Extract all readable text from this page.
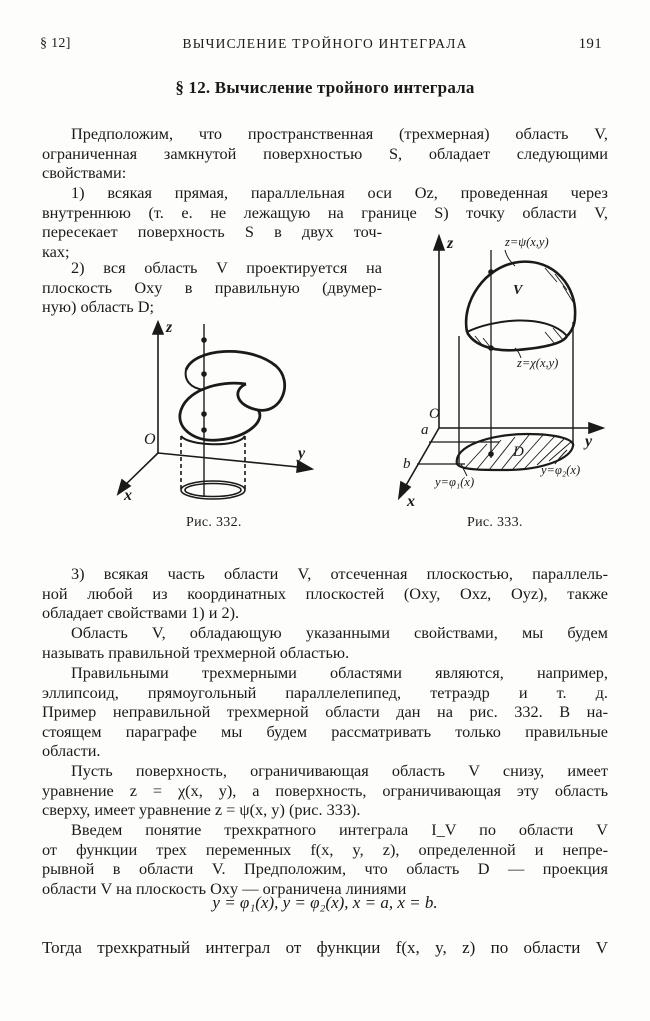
§ 12]	ВЫЧИСЛЕНИЕ ТРОЙНОГО ИНТЕГРАЛА	191
§ 12. Вычисление тройного интеграла
Предположим, что пространственная (трехмерная) область V,
ограниченная замкнутой поверхностью S, обладает следующими
свойствами:
1) всякая прямая, параллельная оси Oz, проведенная через
внутреннюю (т. е. не лежащую на границе S) точку области V,
пересекает поверхность S в двух точ-
ках;
2) вся область V проектируется на
плоскость Oxy в правильную (двумер-
ную) область D;
z
y
x
O
Рис. 332.
z=ψ(x,y)
z=χ(x,y)
y=φ₁(x)
y=φ₂(x)
z
y
x
V
O
a
b
D
Рис. 333.
3) всякая часть области V, отсеченная плоскостью, параллель-
ной любой из координатных плоскостей (Oxy, Oxz, Oyz), также
обладает свойствами 1) и 2).
Область V, обладающую указанными свойствами, мы будем
называть правильной трехмерной областью.
Правильными трехмерными областями являются, например,
эллипсоид, прямоугольный параллелепипед, тетраэдр и т. д.
Пример неправильной трехмерной области дан на рис. 332. В на-
стоящем параграфе мы будем рассматривать только правильные
области.
Пусть поверхность, ограничивающая область V снизу, имеет
уравнение z = χ(x, y), а поверхность, ограничивающая эту область
сверху, имеет уравнение z = ψ(x, y) (рис. 333).
Введем понятие трехкратного интеграла I_V по области V
от функции трех переменных f(x, y, z), определенной и непре-
рывной в области V. Предположим, что область D — проекция
области V на плоскость Oxy — ограничена линиями
y = φ₁(x), y = φ₂(x), x = a, x = b.
Тогда трехкратный интеграл от функции f(x, y, z) по области V
